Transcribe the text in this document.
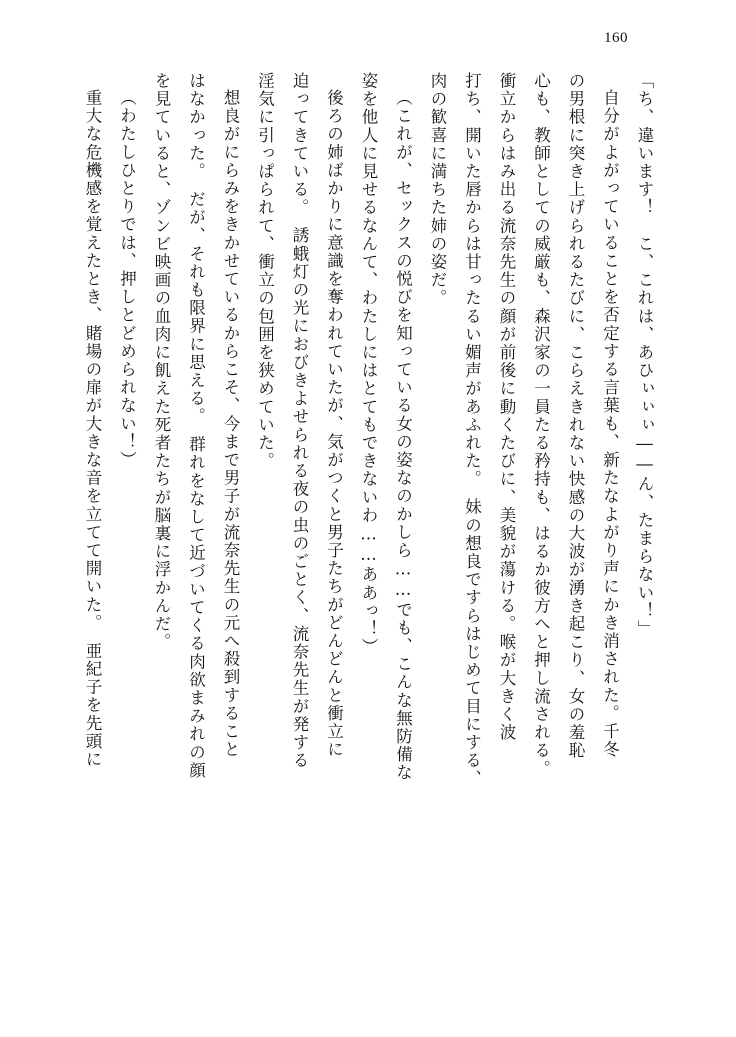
160

「ち、違います！　こ、これは、あひぃぃぃ――ん、たまらない！」

自分がよがっていることを否定する言葉も、新たなよがり声にかき消された。千冬

の男根に突き上げられるたびに、こらえきれない快感の大波が湧き起こり、女の羞恥

心も、教師としての威厳も、森沢家の一員たる矜持も、はるか彼方へと押し流される。

衝立からはみ出る流奈先生の顔が前後に動くたびに、美貌が蕩ける。喉が大きく波

打ち、開いた唇からは甘ったるい媚声があふれた。　妹の想良ですらはじめて目にする、

肉の歓喜に満ちた姉の姿だ。

（これが、セックスの悦びを知っている女の姿なのかしら……でも、こんな無防備な

姿を他人に見せるなんて、わたしにはとてもできないわ……ああっ！）

後ろの姉ばかりに意識を奪われていたが、気がつくと男子たちがどんどんと衝立に

迫ってきている。　誘蛾灯の光におびきよせられる夜の虫のごとく、流奈先生が発する

淫気に引っぱられて、衝立の包囲を狭めていた。

想良がにらみをきかせているからこそ、今まで男子が流奈先生の元へ殺到すること

はなかった。　だが、それも限界に思える。　群れをなして近づいてくる肉欲まみれの顔

を見ていると、ゾンビ映画の血肉に飢えた死者たちが脳裏に浮かんだ。

（わたしひとりでは、押しとどめられない！）

重大な危機感を覚えたとき、賭場の扉が大きな音を立てて開いた。　亜紀子を先頭に
